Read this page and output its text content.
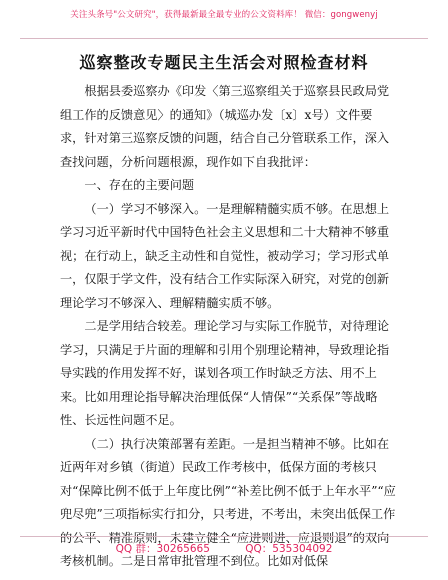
关注头条号"公文研究"，获得最新最全最专业的公文资料库！ 微信：gongwenyj
巡察整改专题民主生活会对照检查材料

根据县委巡察办《印发〈第三巡察组关于巡察县民政局党组工作的反馈意见〉的通知》（城巡办发〔x〕x号）文件要求，针对第三巡察反馈的问题，结合自己分管联系工作，深入查找问题，分析问题根源，现作如下自我批评：

一、存在的主要问题

（一）学习不够深入。一是理解精髓实质不够。在思想上学习习近平新时代中国特色社会主义思想和二十大精神不够重视；在行动上，缺乏主动性和自觉性，被动学习；学习形式单一，仅限于学文件，没有结合工作实际深入研究，对党的创新理论学习不够深入、理解精髓实质不够。

二是学用结合较差。理论学习与实际工作脱节，对待理论学习，只满足于片面的理解和引用个别理论精神，导致理论指导实践的作用发挥不好，谋划各项工作时缺乏方法、用不上来。比如用理论指导解决治理低保“人情保”“关系保”等战略性、长远性问题不足。

（二）执行决策部署有差距。一是担当精神不够。比如在近两年对乡镇（街道）民政工作考核中，低保方面的考核只对“保障比例不低于上年度比例”“补差比例不低于上年水平”“应兜尽兜”三项指标实行扣分，只考进，不考出，未突出低保工作的公平、精准原则，未建立健全“应进则进、应退则退”的双向考核机制。二是日常审批管理不到位。比如对低保

QQ 群：30265665	QQ：535304092
